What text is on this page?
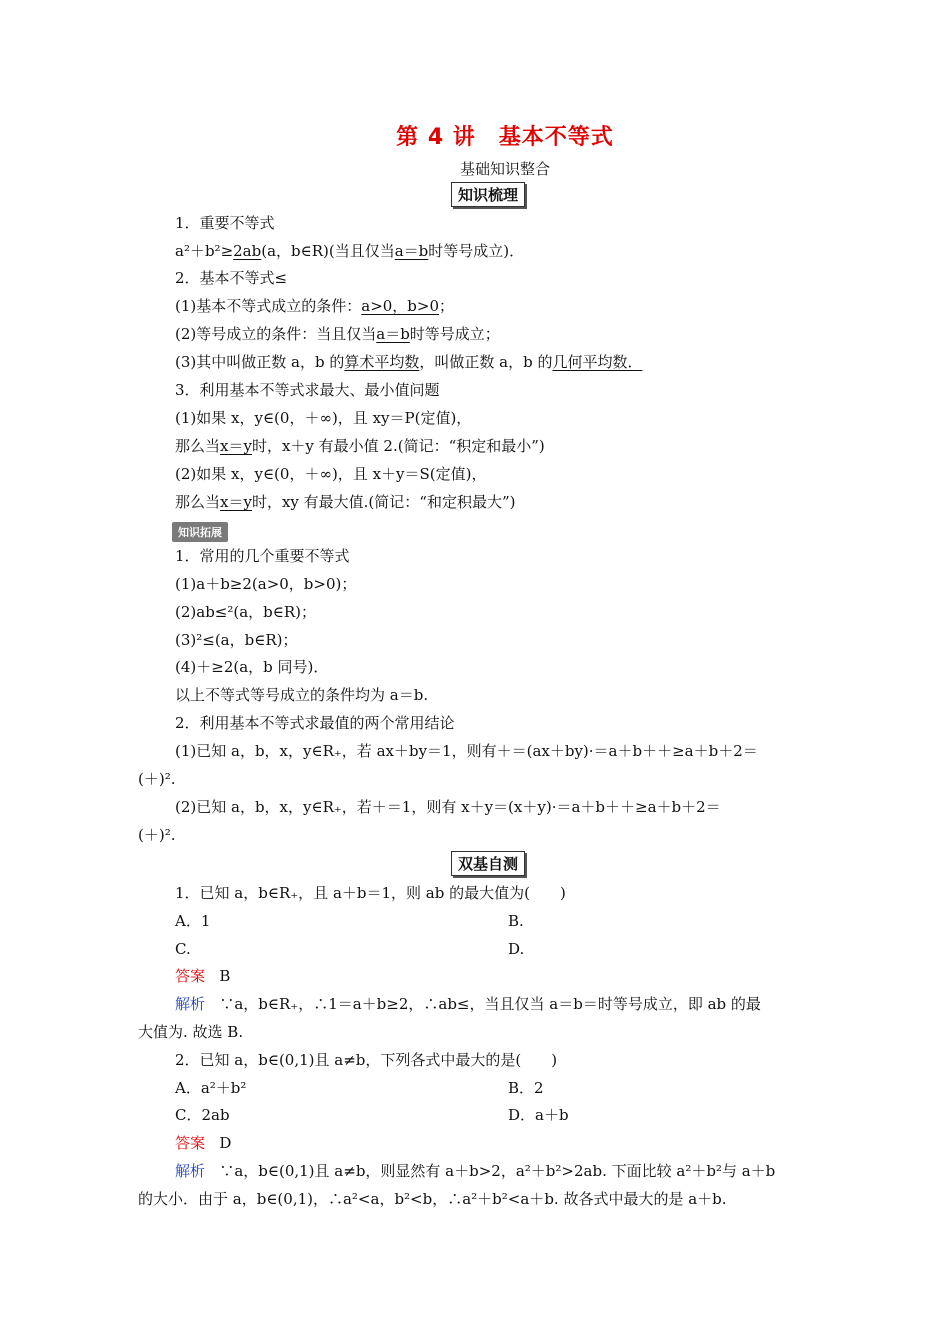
第 4 讲　基本不等式
基础知识整合
知识梳理
1．重要不等式
a²＋b²≥2ab(a，b∈R)(当且仅当a＝b时等号成立)．
2．基本不等式≤
(1)基本不等式成立的条件：a>0，b>0；
(2)等号成立的条件：当且仅当a＝b时等号成立；
(3)其中叫做正数 a，b 的算术平均数，叫做正数 a，b 的几何平均数．
3．利用基本不等式求最大、最小值问题
(1)如果 x，y∈(0，＋∞)，且 xy＝P(定值)，
那么当x＝y时，x＋y 有最小值 2.(简记：“积定和最小”)
(2)如果 x，y∈(0，＋∞)，且 x＋y＝S(定值)，
那么当x＝y时，xy 有最大值.(简记：“和定积最大”)
知识拓展
1．常用的几个重要不等式
(1)a＋b≥2(a>0，b>0)；
(2)ab≤²(a，b∈R)；
(3)²≤(a，b∈R)；
(4)＋≥2(a，b 同号)．
以上不等式等号成立的条件均为 a＝b.
2．利用基本不等式求最值的两个常用结论
(1)已知 a，b，x，y∈R₊，若 ax＋by＝1，则有＋＝(ax＋by)·＝a＋b＋＋≥a＋b＋2＝
(＋)².
(2)已知 a，b，x，y∈R₊，若＋＝1，则有 x＋y＝(x＋y)·＝a＋b＋＋≥a＋b＋2＝
(＋)².
双基自测
1．已知 a，b∈R₊，且 a＋b＝1，则 ab 的最大值为(　　)
A．1	B.
C.	D.
答案 B
解析 ∵a，b∈R₊，∴1＝a＋b≥2，∴ab≤，当且仅当 a＝b＝时等号成立，即 ab 的最
大值为. 故选 B.
2．已知 a，b∈(0,1)且 a≠b，下列各式中最大的是(　　)
A．a²＋b²	B．2
C．2ab	D．a＋b
答案 D
解析 ∵a，b∈(0,1)且 a≠b，则显然有 a＋b>2，a²＋b²>2ab. 下面比较 a²＋b²与 a＋b
的大小．由于 a，b∈(0,1)，∴a²<a，b²<b，∴a²＋b²<a＋b. 故各式中最大的是 a＋b.
